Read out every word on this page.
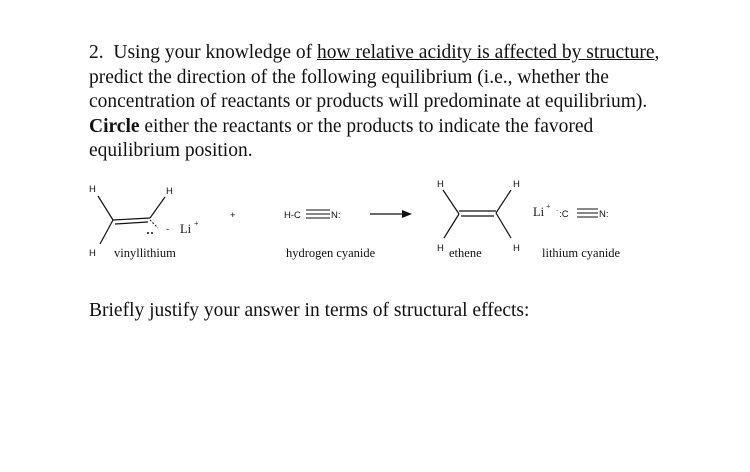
2. Using your knowledge of how relative acidity is affected by structure, predict the direction of the following equilibrium (i.e., whether the concentration of reactants or products will predominate at equilibrium). Circle either the reactants or the products to indicate the favored equilibrium position.

H	H
H
- Li +
vinyllithium
+	H-C	N:
hydrogen cyanide
H	H
H	H
ethene
Li +
˙:C	N:
lithium cyanide

Briefly justify your answer in terms of structural effects:
